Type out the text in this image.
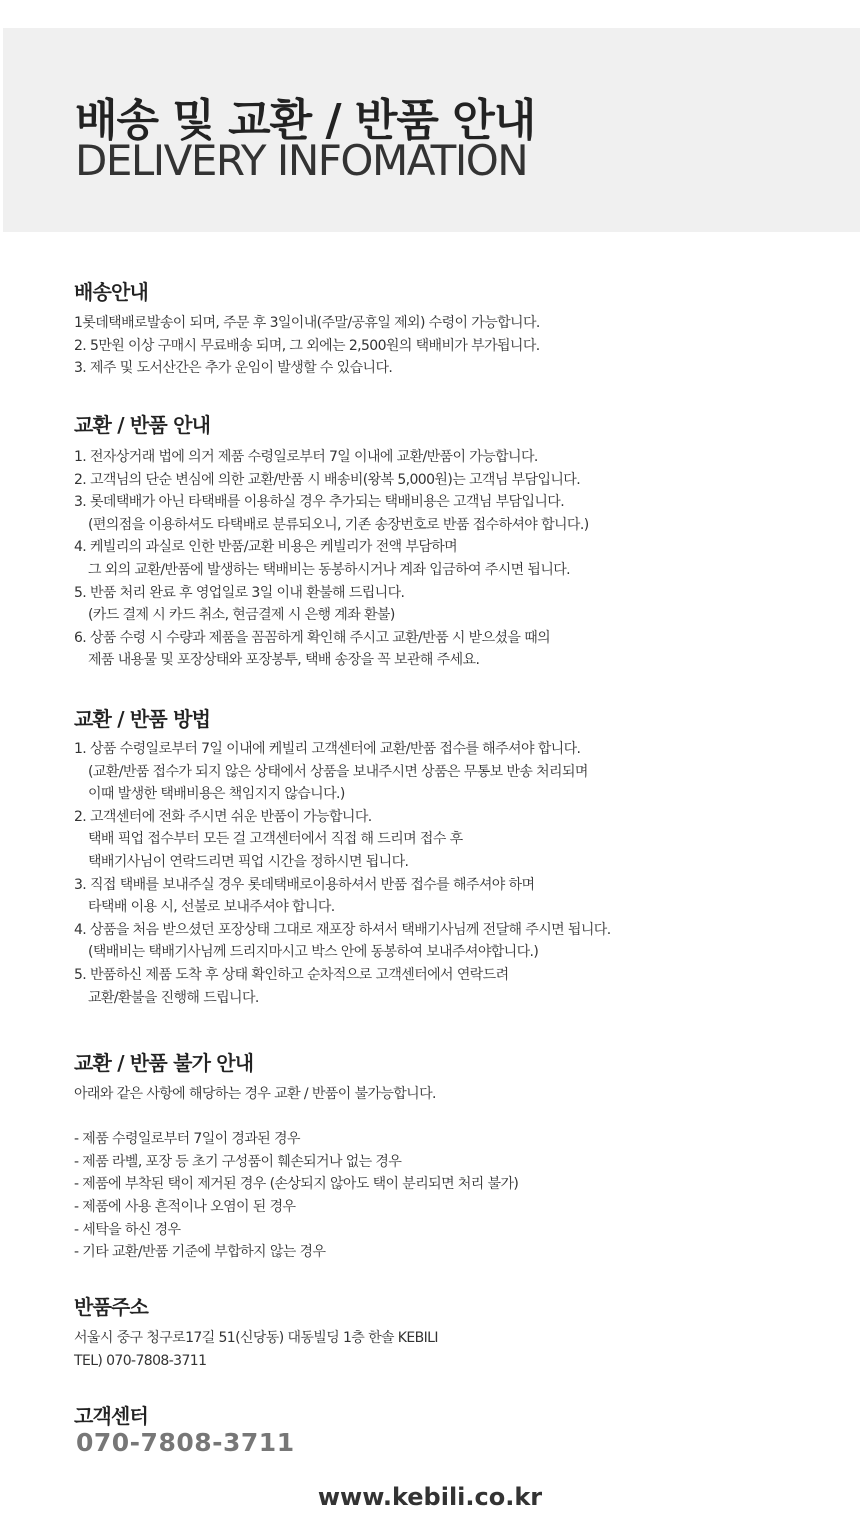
배송 및 교환 / 반품 안내
DELIVERY INFOMATION
배송안내
1롯데택배로발송이 되며, 주문 후 3일이내(주말/공휴일 제외) 수령이 가능합니다.
2. 5만원 이상 구매시 무료배송 되며, 그 외에는 2,500원의 택배비가 부가됩니다.
3. 제주 및 도서산간은 추가 운임이 발생할 수 있습니다.
교환 / 반품 안내
1. 전자상거래 법에 의거 제품 수령일로부터 7일 이내에 교환/반품이 가능합니다.
2. 고객님의 단순 변심에 의한 교환/반품 시 배송비(왕복 5,000원)는 고객님 부담입니다.
3. 롯데택배가 아닌 타택배를 이용하실 경우 추가되는 택배비용은 고객님 부담입니다.
(편의점을 이용하셔도 타택배로 분류되오니, 기존 송장번호로 반품 접수하셔야 합니다.)
4. 케빌리의 과실로 인한 반품/교환 비용은 케빌리가 전액 부담하며
그 외의 교환/반품에 발생하는 택배비는 동봉하시거나 계좌 입금하여 주시면 됩니다.
5. 반품 처리 완료 후 영업일로 3일 이내 환불해 드립니다.
(카드 결제 시 카드 취소, 현금결제 시 은행 계좌 환불)
6. 상품 수령 시 수량과 제품을 꼼꼼하게 확인해 주시고 교환/반품 시 받으셨을 때의
제품 내용물 및 포장상태와 포장봉투, 택배 송장을 꼭 보관해 주세요.
교환 / 반품 방법
1. 상품 수령일로부터 7일 이내에 케빌리 고객센터에 교환/반품 접수를 해주셔야 합니다.
(교환/반품 접수가 되지 않은 상태에서 상품을 보내주시면 상품은 무통보 반송 처리되며
이때 발생한 택배비용은 책임지지 않습니다.)
2. 고객센터에 전화 주시면 쉬운 반품이 가능합니다.
택배 픽업 접수부터 모든 걸 고객센터에서 직접 해 드리며 접수 후
택배기사님이 연락드리면 픽업 시간을 정하시면 됩니다.
3. 직접 택배를 보내주실 경우 롯데택배로이용하셔서 반품 접수를 해주셔야 하며
타택배 이용 시, 선불로 보내주셔야 합니다.
4. 상품을 처음 받으셨던 포장상태 그대로 재포장 하셔서 택배기사님께 전달해 주시면 됩니다.
(택배비는 택배기사님께 드리지마시고 박스 안에 동봉하여 보내주셔야합니다.)
5. 반품하신 제품 도착 후 상태 확인하고 순차적으로 고객센터에서 연락드려
교환/환불을 진행해 드립니다.
교환 / 반품 불가 안내
아래와 같은 사항에 해당하는 경우 교환 / 반품이 불가능합니다.
- 제품 수령일로부터 7일이 경과된 경우
- 제품 라벨, 포장 등 초기 구성품이 훼손되거나 없는 경우
- 제품에 부착된 택이 제거된 경우 (손상되지 않아도 택이 분리되면 처리 불가)
- 제품에 사용 흔적이나 오염이 된 경우
- 세탁을 하신 경우
- 기타 교환/반품 기준에 부합하지 않는 경우
반품주소
서울시 중구 청구로17길 51(신당동) 대동빌딩 1층 한솔 KEBILI
TEL) 070-7808-3711
고객센터
070-7808-3711
www.kebili.co.kr
